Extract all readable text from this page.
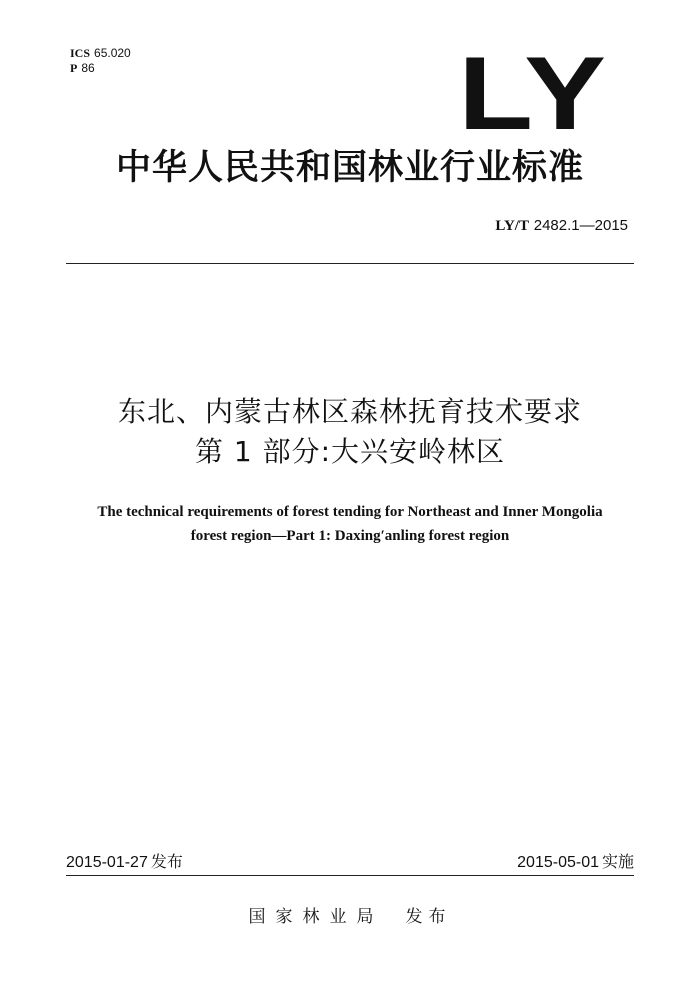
ICS 65.020
P 86	LY
中华人民共和国林业行业标准
LY/T 2482.1—2015
东北、内蒙古林区森林抚育技术要求
第 1 部分:大兴安岭林区
The technical requirements of forest tending for Northeast and Inner Mongolia
forest region—Part 1: Daxing′anling forest region
2015-01-27 发布	2015-05-01 实施
国家林业局 发布
